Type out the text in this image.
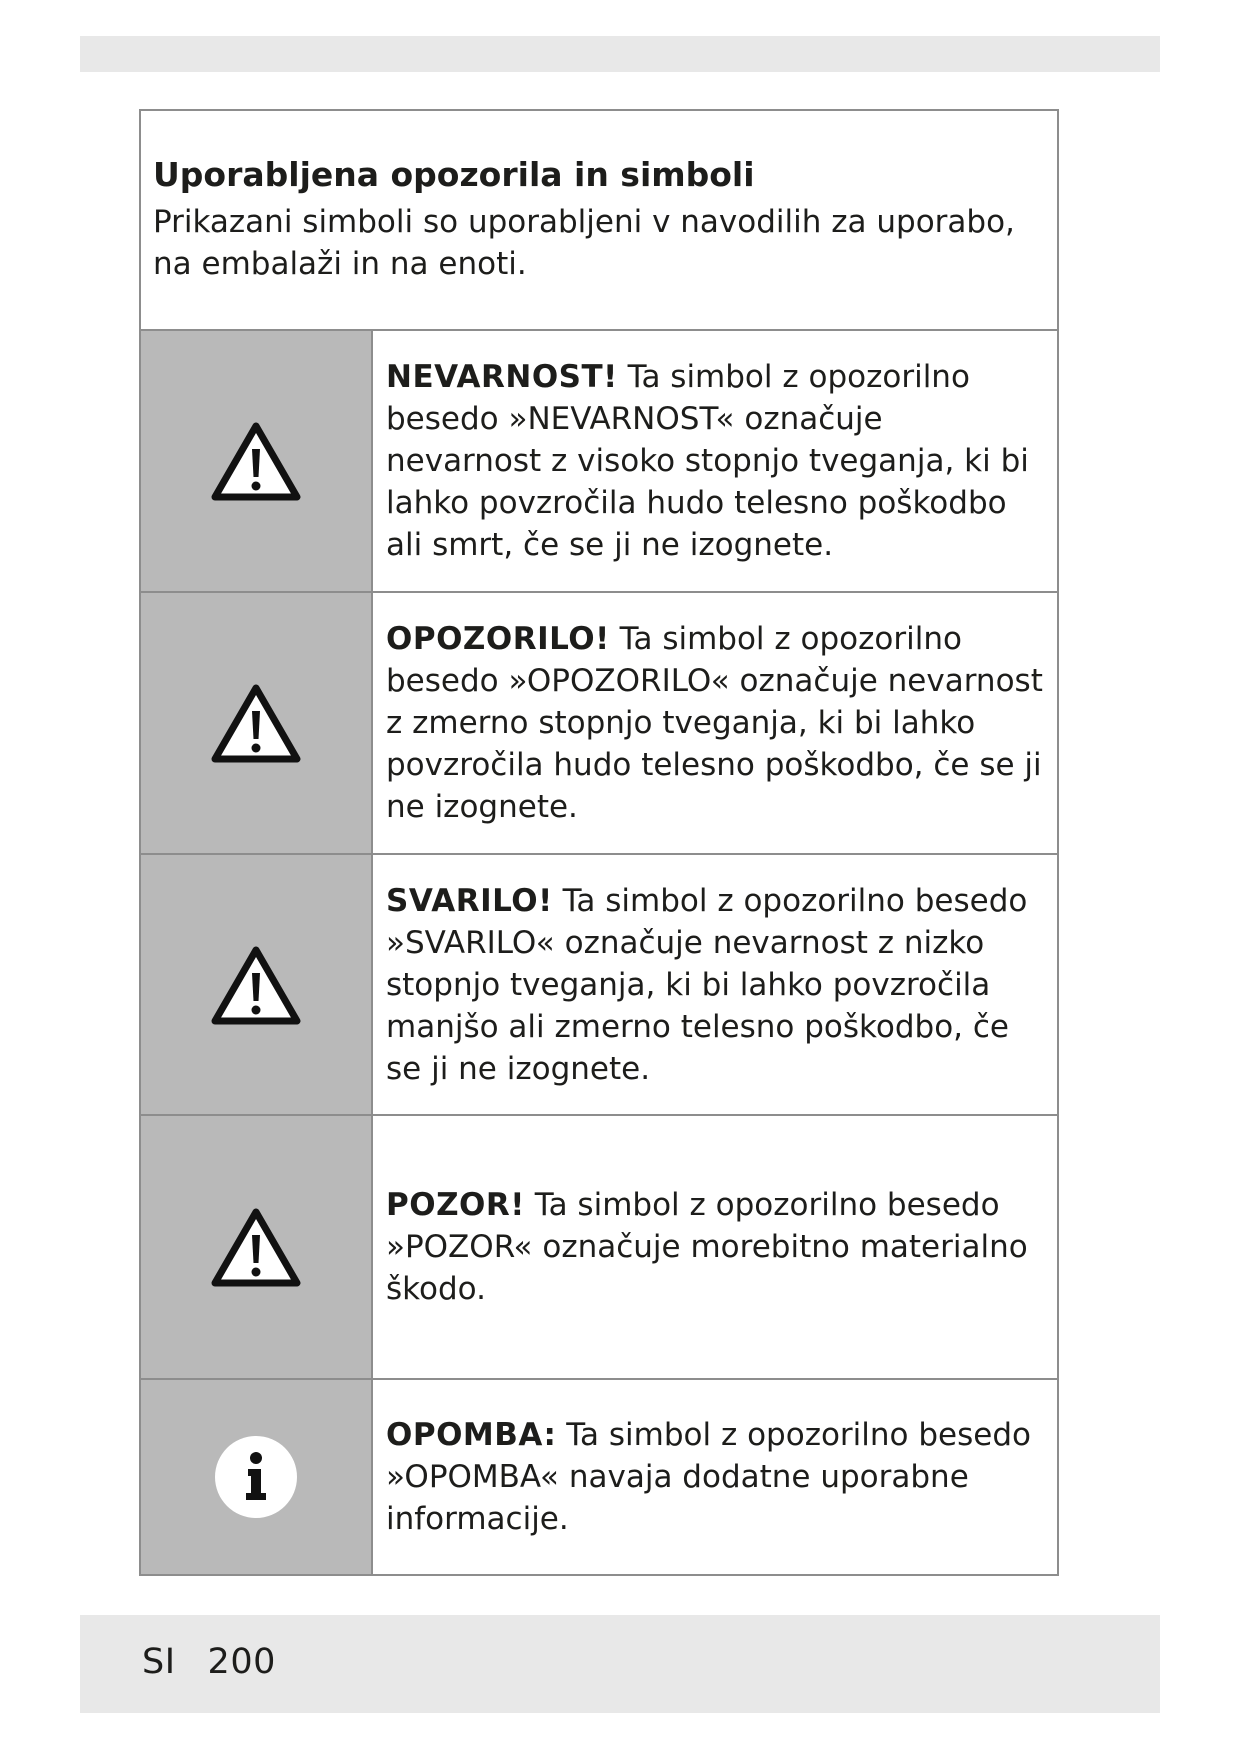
Uporabljena opozorila in simboli

Prikazani simboli so uporabljeni v navodilih za uporabo, na embalaži in na enoti.

NEVARNOST! Ta simbol z opozorilno besedo »NEVARNOST« označuje nevarnost z visoko stopnjo tveganja, ki bi lahko povzročila hudo telesno poškodbo ali smrt, če se ji ne izognete.

OPOZORILO! Ta simbol z opozorilno besedo »OPOZORILO« označuje nevarnost z zmerno stopnjo tveganja, ki bi lahko povzročila hudo telesno poškodbo, če se ji ne izognete.

SVARILO! Ta simbol z opozorilno besedo »SVARILO« označuje nevarnost z nizko stopnjo tveganja, ki bi lahko povzročila manjšo ali zmerno telesno poškodbo, če se ji ne izognete.

POZOR! Ta simbol z opozorilno besedo »POZOR« označuje morebitno materialno škodo.

OPOMBA: Ta simbol z opozorilno besedo »OPOMBA« navaja dodatne uporabne informacije.

SI 200
